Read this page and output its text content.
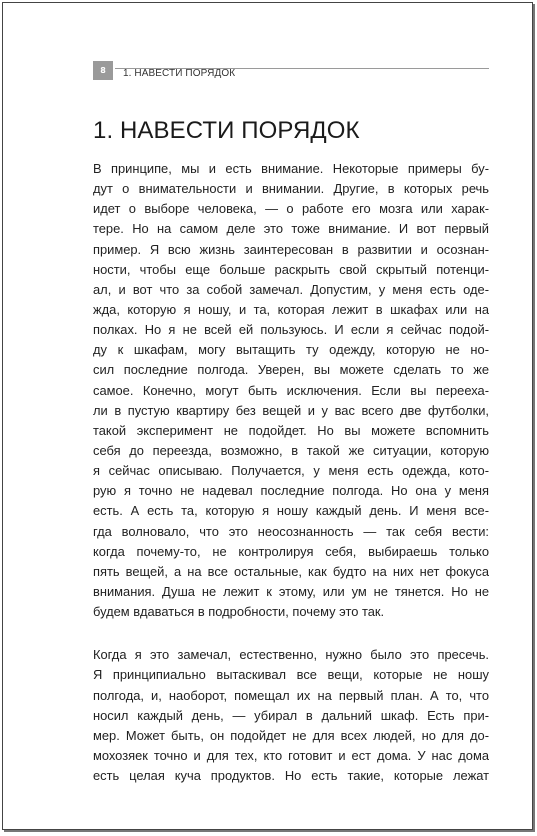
8	1. НАВЕСТИ ПОРЯДОК
1. НАВЕСТИ ПОРЯДОК
В принципе, мы и есть внимание. Некоторые примеры бу-
дут о внимательности и внимании. Другие, в которых речь
идет о выборе человека, — о работе его мозга или харак-
тере. Но на самом деле это тоже внимание. И вот первый
пример. Я всю жизнь заинтересован в развитии и осознан-
ности, чтобы еще больше раскрыть свой скрытый потенци-
ал, и вот что за собой замечал. Допустим, у меня есть оде-
жда, которую я ношу, и та, которая лежит в шкафах или на
полках. Но я не всей ей пользуюсь. И если я сейчас подой-
ду к шкафам, могу вытащить ту одежду, которую не но-
сил последние полгода. Уверен, вы можете сделать то же
самое. Конечно, могут быть исключения. Если вы перееха-
ли в пустую квартиру без вещей и у вас всего две футболки,
такой эксперимент не подойдет. Но вы можете вспомнить
себя до переезда, возможно, в такой же ситуации, которую
я сейчас описываю. Получается, у меня есть одежда, кото-
рую я точно не надевал последние полгода. Но она у меня
есть. А есть та, которую я ношу каждый день. И меня все-
гда волновало, что это неосознанность — так себя вести:
когда почему-то, не контролируя себя, выбираешь только
пять вещей, а на все остальные, как будто на них нет фокуса
внимания. Душа не лежит к этому, или ум не тянется. Но не
будем вдаваться в подробности, почему это так.
Когда я это замечал, естественно, нужно было это пресечь.
Я принципиально вытаскивал все вещи, которые не ношу
полгода, и, наоборот, помещал их на первый план. А то, что
носил каждый день, — убирал в дальний шкаф. Есть при-
мер. Может быть, он подойдет не для всех людей, но для до-
мохозяек точно и для тех, кто готовит и ест дома. У нас дома
есть целая куча продуктов. Но есть такие, которые лежат
